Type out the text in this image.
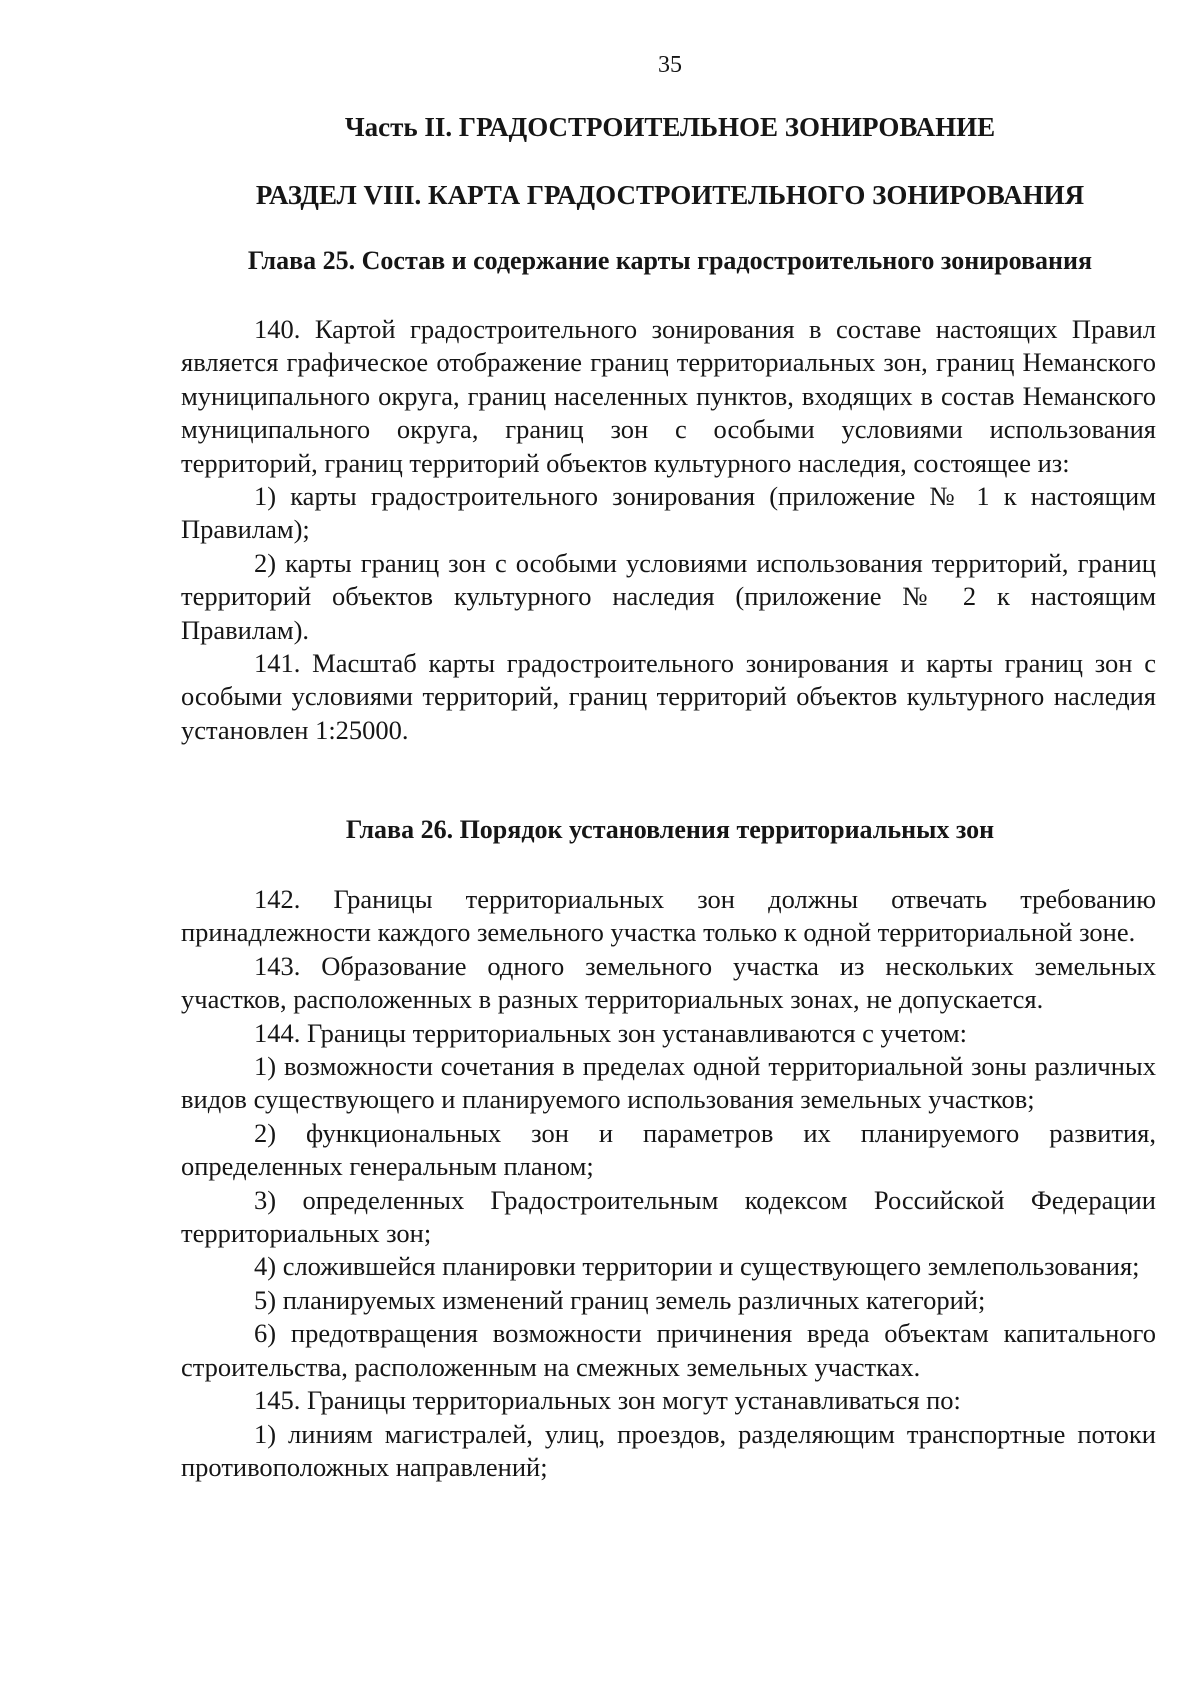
35
Часть II. ГРАДОСТРОИТЕЛЬНОЕ ЗОНИРОВАНИЕ
РАЗДЕЛ VIII. КАРТА ГРАДОСТРОИТЕЛЬНОГО ЗОНИРОВАНИЯ
Глава 25. Состав и содержание карты градостроительного зонирования

140. Картой градостроительного зонирования в составе настоящих Правил является графическое отображение границ территориальных зон, границ Неманского муниципального округа, границ населенных пунктов, входящих в состав Неманского муниципального округа, границ зон с особыми условиями использования территорий, границ территорий объектов культурного наследия, состоящее из:

1) карты градостроительного зонирования (приложение № 1 к настоящим Правилам);

2) карты границ зон с особыми условиями использования территорий, границ территорий объектов культурного наследия (приложение № 2 к настоящим Правилам).

141. Масштаб карты градостроительного зонирования и карты границ зон с особыми условиями территорий, границ территорий объектов культурного наследия установлен 1:25000.

Глава 26. Порядок установления территориальных зон

142. Границы территориальных зон должны отвечать требованию принадлежности каждого земельного участка только к одной территориальной зоне.

143. Образование одного земельного участка из нескольких земельных участков, расположенных в разных территориальных зонах, не допускается.

144. Границы территориальных зон устанавливаются с учетом:

1) возможности сочетания в пределах одной территориальной зоны различных видов существующего и планируемого использования земельных участков;

2) функциональных зон и параметров их планируемого развития, определенных генеральным планом;

3) определенных Градостроительным кодексом Российской Федерации территориальных зон;

4) сложившейся планировки территории и существующего землепользования;

5) планируемых изменений границ земель различных категорий;

6) предотвращения возможности причинения вреда объектам капитального строительства, расположенным на смежных земельных участках.

145. Границы территориальных зон могут устанавливаться по:

1) линиям магистралей, улиц, проездов, разделяющим транспортные потоки противоположных направлений;
